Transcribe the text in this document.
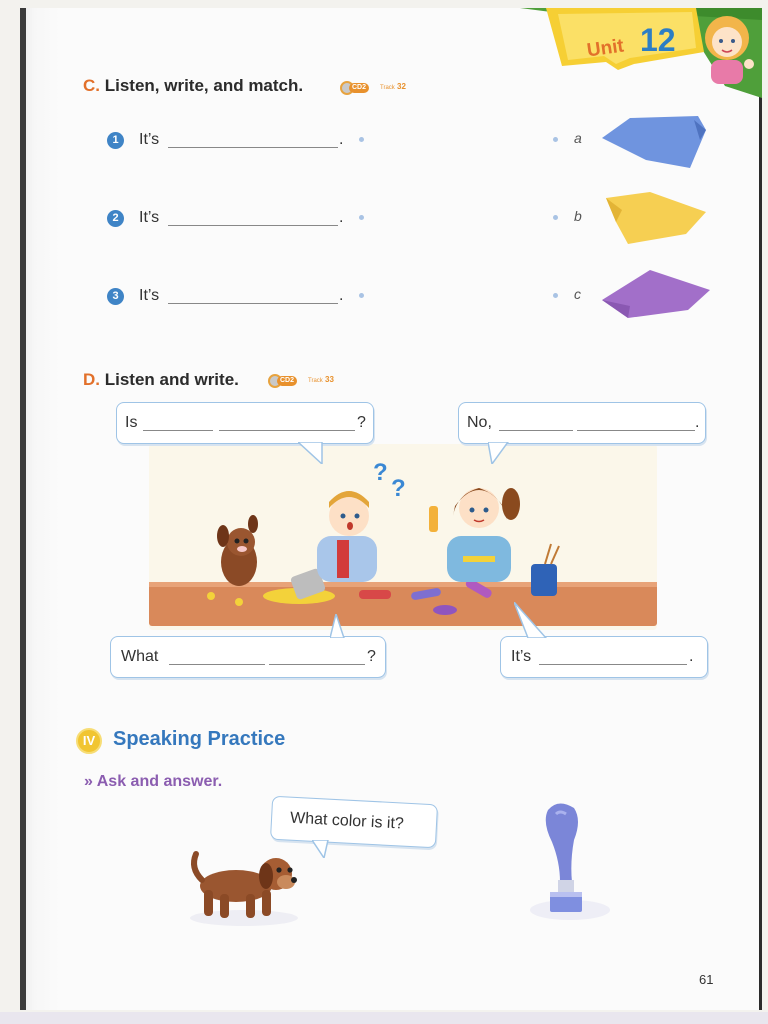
Unit 12
C. Listen, write, and match.	CD2	Track 32
1	It’s	.
2	It’s	.
3	It’s	.
a
b
c
D. Listen and write.	CD2	Track 33
?
?
Is	?	No,	.
What	?	It’s	.
IV Speaking Practice
» Ask and answer.
What color is it?
61
